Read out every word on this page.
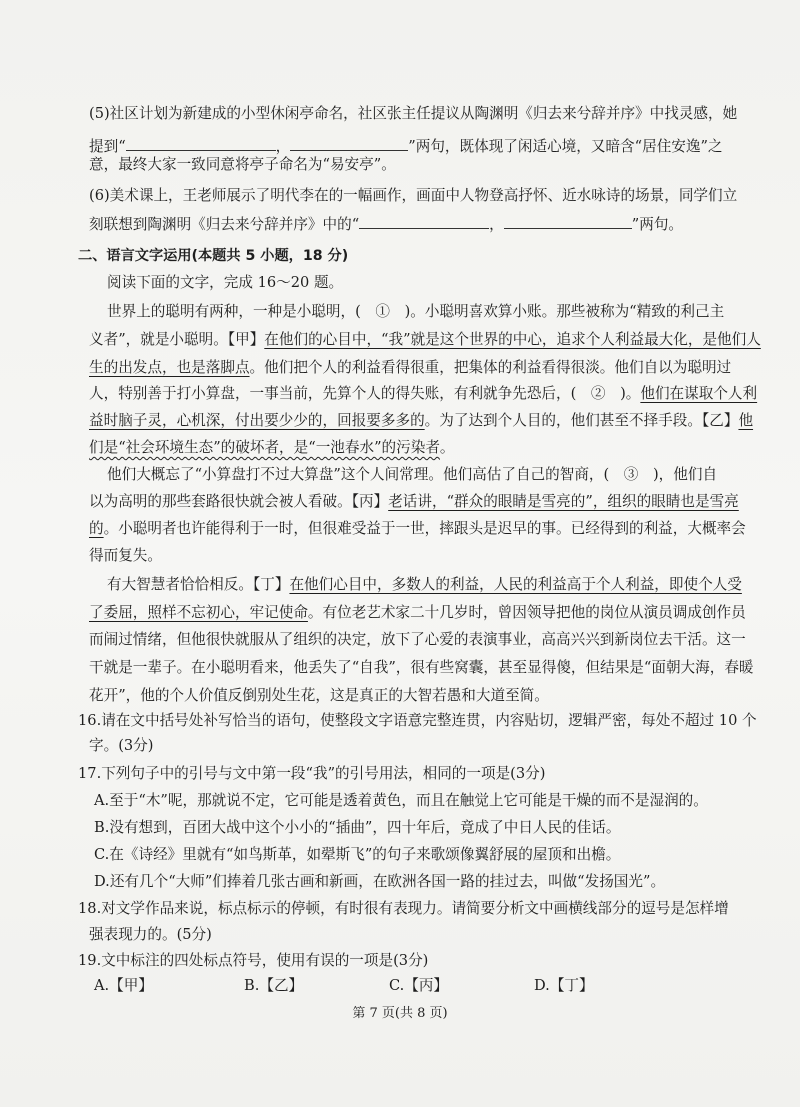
(5)社区计划为新建成的小型休闲亭命名，社区张主任提议从陶渊明《归去来兮辞并序》中找灵感，她
提到“	，	”两句，既体现了闲适心境，又暗含“居住安逸”之
意，最终大家一致同意将亭子命名为“易安亭”。
(6)美术课上，王老师展示了明代李在的一幅画作，画面中人物登高抒怀、近水咏诗的场景，同学们立
刻联想到陶渊明《归去来兮辞并序》中的“	，	”两句。
二、语言文字运用(本题共 5 小题，18 分)
阅读下面的文字，完成 16～20 题。
世界上的聪明有两种，一种是小聪明，(　①　)。小聪明喜欢算小账。那些被称为“精致的利己主
义者”，就是小聪明。【甲】在他们的心目中，“我”就是这个世界的中心，追求个人利益最大化，是他们人
生的出发点，也是落脚点。他们把个人的利益看得很重，把集体的利益看得很淡。他们自以为聪明过
人，特别善于打小算盘，一事当前，先算个人的得失账，有利就争先恐后，(　②　)。他们在谋取个人利
益时脑子灵，心机深，付出要少少的，回报要多多的。为了达到个人目的，他们甚至不择手段。【乙】他
们是“社会环境生态”的破坏者，是“一池春水”的污染者。
他们大概忘了“小算盘打不过大算盘”这个人间常理。他们高估了自己的智商，(　③　)，他们自
以为高明的那些套路很快就会被人看破。【丙】老话讲，“群众的眼睛是雪亮的”，组织的眼睛也是雪亮
的。小聪明者也许能得利于一时，但很难受益于一世，摔跟头是迟早的事。已经得到的利益，大概率会
得而复失。
有大智慧者恰恰相反。【丁】在他们心目中，多数人的利益，人民的利益高于个人利益，即使个人受
了委屈，照样不忘初心，牢记使命。有位老艺术家二十几岁时，曾因领导把他的岗位从演员调成创作员
而闹过情绪，但他很快就服从了组织的决定，放下了心爱的表演事业，高高兴兴到新岗位去干活。这一
干就是一辈子。在小聪明看来，他丢失了“自我”，很有些窝囊，甚至显得傻，但结果是“面朝大海，春暖
花开”，他的个人价值反倒别处生花，这是真正的大智若愚和大道至简。
16.请在文中括号处补写恰当的语句，使整段文字语意完整连贯，内容贴切，逻辑严密，每处不超过 10 个
字。(3分)
17.下列句子中的引号与文中第一段“我”的引号用法，相同的一项是(3分)
A.至于“木”呢，那就说不定，它可能是透着黄色，而且在触觉上它可能是干燥的而不是湿润的。
B.没有想到，百团大战中这个小小的“插曲”，四十年后，竟成了中日人民的佳话。
C.在《诗经》里就有“如鸟斯革，如翚斯飞”的句子来歌颂像翼舒展的屋顶和出檐。
D.还有几个“大师”们捧着几张古画和新画，在欧洲各国一路的挂过去，叫做“发扬国光”。
18.对文学作品来说，标点标示的停顿，有时很有表现力。请简要分析文中画横线部分的逗号是怎样增
强表现力的。(5分)
19.文中标注的四处标点符号，使用有误的一项是(3分)
A.【甲】	B.【乙】	C.【丙】	D.【丁】
第 7 页(共 8 页)
